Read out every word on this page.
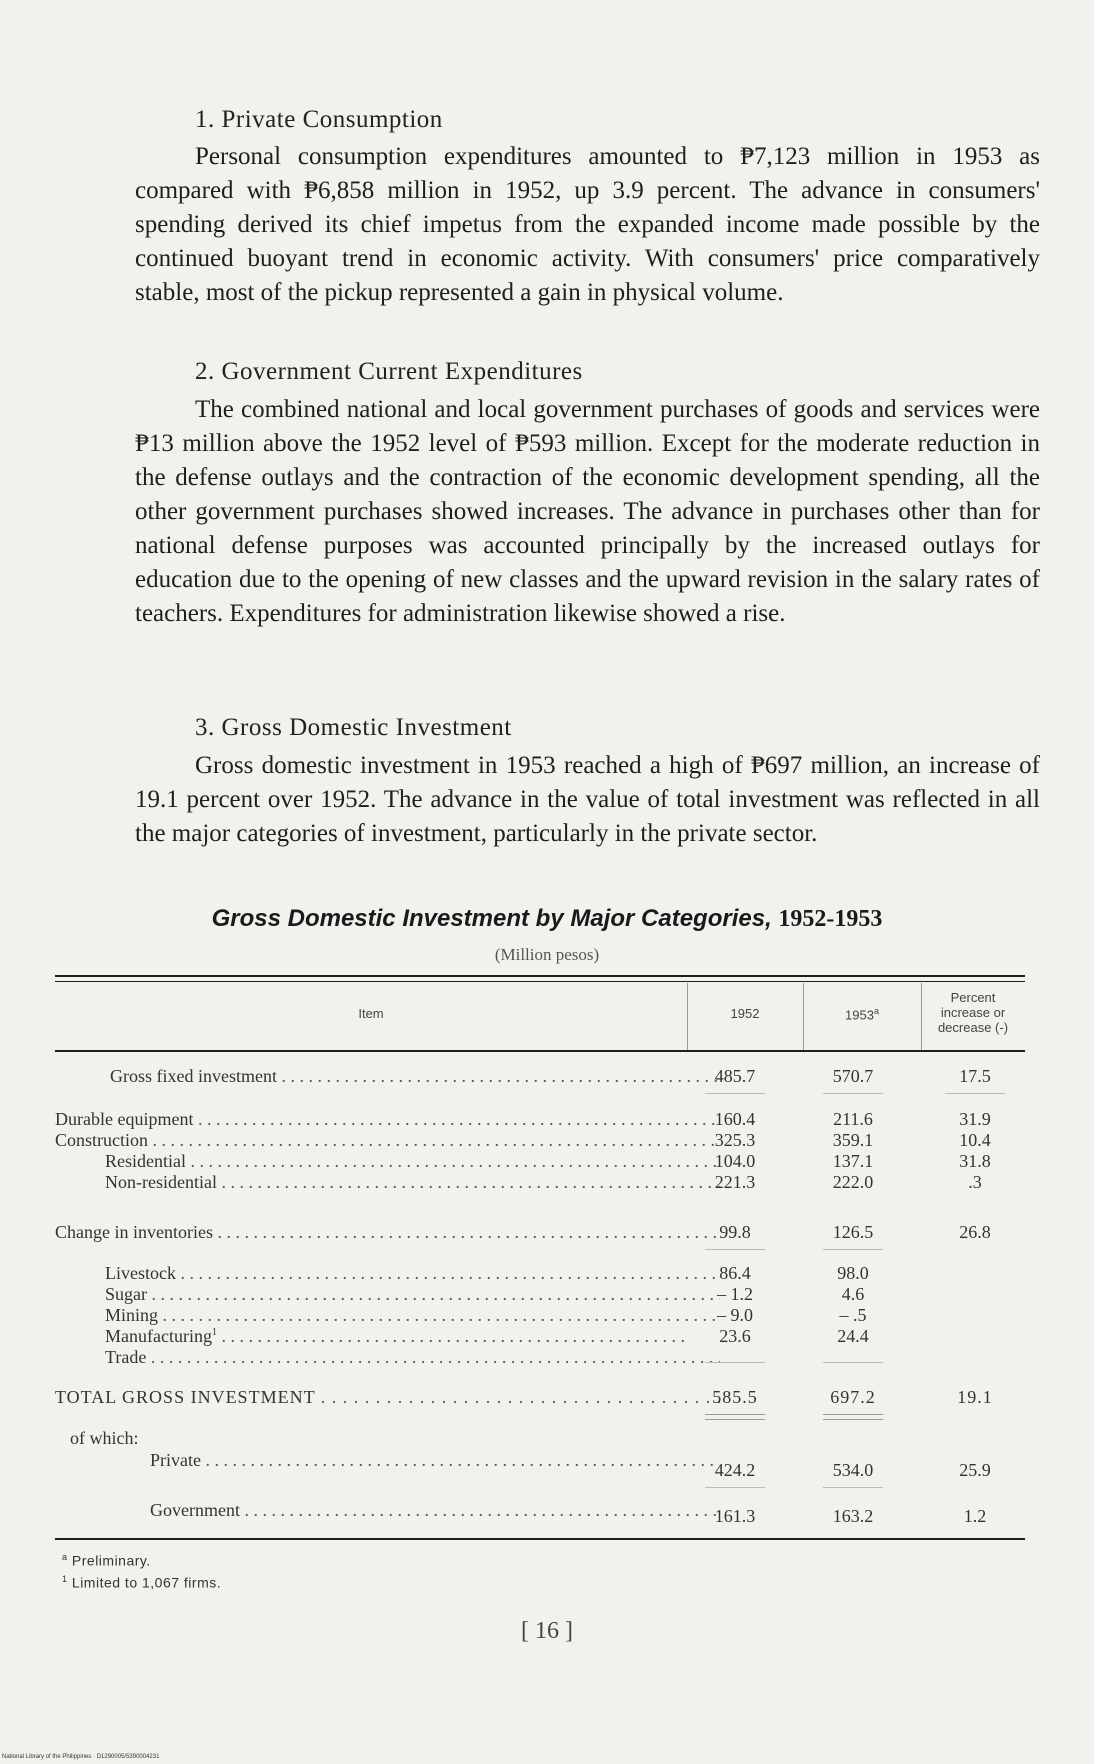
1. Private Consumption

Personal consumption expenditures amounted to ₱7,123 million in 1953 as compared with ₱6,858 million in 1952, up 3.9 percent. The advance in consumers' spending derived its chief impetus from the expanded income made possible by the continued buoyant trend in economic activity. With consumers' price comparatively stable, most of the pickup represented a gain in physical volume.

2. Government Current Expenditures

The combined national and local government purchases of goods and services were ₱13 million above the 1952 level of ₱593 million. Except for the moderate reduction in the defense outlays and the contraction of the economic development spending, all the other government purchases showed increases. The advance in purchases other than for national defense purposes was accounted principally by the increased outlays for education due to the opening of new classes and the upward revision in the salary rates of teachers. Expenditures for administration likewise showed a rise.

3. Gross Domestic Investment

Gross domestic investment in 1953 reached a high of ₱697 million, an increase of 19.1 percent over 1952. The advance in the value of total investment was reflected in all the major categories of investment, particularly in the private sector.

Gross Domestic Investment by Major Categories, 1952-1953
(Million pesos)
Item	1952	1953$^a$
Percent
increase or
decrease (-)
Gross fixed investment . . .	485.7	570.7	17.5
Durable equipment . . .	160.4	211.6	31.9
Construction . . .	325.3	359.1	10.4
Residential . . .	104.0	137.1	31.8
Non-residential . . .	221.3	222.0	.3
Change in inventories . . .	99.8	126.5	26.8
Livestock . . .	86.4	98.0
Sugar . . .	– 1.2	4.6
Mining . . .	– 9.0	– .5
Manufacturing$^1$ . . . . . . . . . . . . . . . . . . . . . . . . . . . . . . . . . . . . . . . . . . . . . . . . . . . .	23.6	24.4
Trade . . .
TOTAL GROSS INVESTMENT . . .	585.5	697.2	19.1
of which:
Private . . .	424.2	534.0	25.9
Government . . .	161.3	163.2	1.2
$^a$ Preliminary.
$^1$ Limited to 1,067 firms.
[ 16 ]
National Library of the Philippines · D1290005/5390004231
